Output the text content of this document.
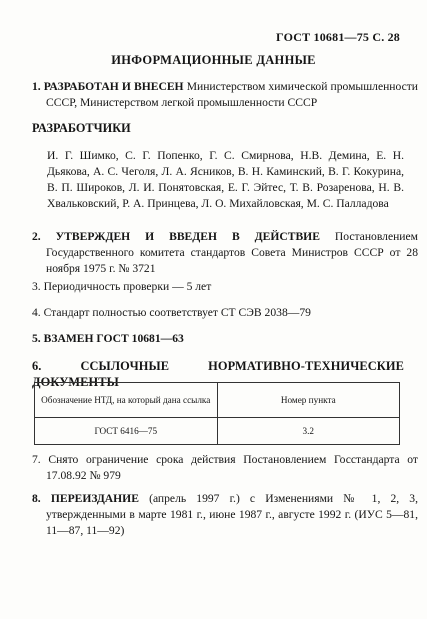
ГОСТ 10681—75 С. 28
ИНФОРМАЦИОННЫЕ ДАННЫЕ
1. РАЗРАБОТАН И ВНЕСЕН Министерством химической промышленности СССР, Министерством легкой промышленности СССР
РАЗРАБОТЧИКИ
И. Г. Шимко, С. Г. Попенко, Г. С. Смирнова, Н.В. Демина, Е. Н. Дьякова, А. С. Чеголя, Л. А. Ясников, В. Н. Каминский, В. Г. Кокурина, В. П. Широков, Л. И. Понятовская, Е. Г. Эйтес, Т. В. Розаренова, Н. В. Хвальковский, Р. А. Принцева, Л. О. Михайловская, М. С. Палладова
2. УТВЕРЖДЕН И ВВЕДЕН В ДЕЙСТВИЕ Постановлением Государственного комитета стандартов Совета Министров СССР от 28 ноября 1975 г. № 3721
3. Периодичность проверки — 5 лет
4. Стандарт полностью соответствует СТ СЭВ 2038—79
5. ВЗАМЕН ГОСТ 10681—63
6. ССЫЛОЧНЫЕ НОРМАТИВНО-ТЕХНИЧЕСКИЕ ДОКУМЕНТЫ
Обозначение НТД, на который дана ссылка	Номер пункта
ГОСТ 6416—75	3.2
7. Снято ограничение срока действия Постановлением Госстандарта от 17.08.92 № 979
8. ПЕРЕИЗДАНИЕ (апрель 1997 г.) с Изменениями № 1, 2, 3, утвержденными в марте 1981 г., июне 1987 г., августе 1992 г. (ИУС 5—81, 11—87, 11—92)
